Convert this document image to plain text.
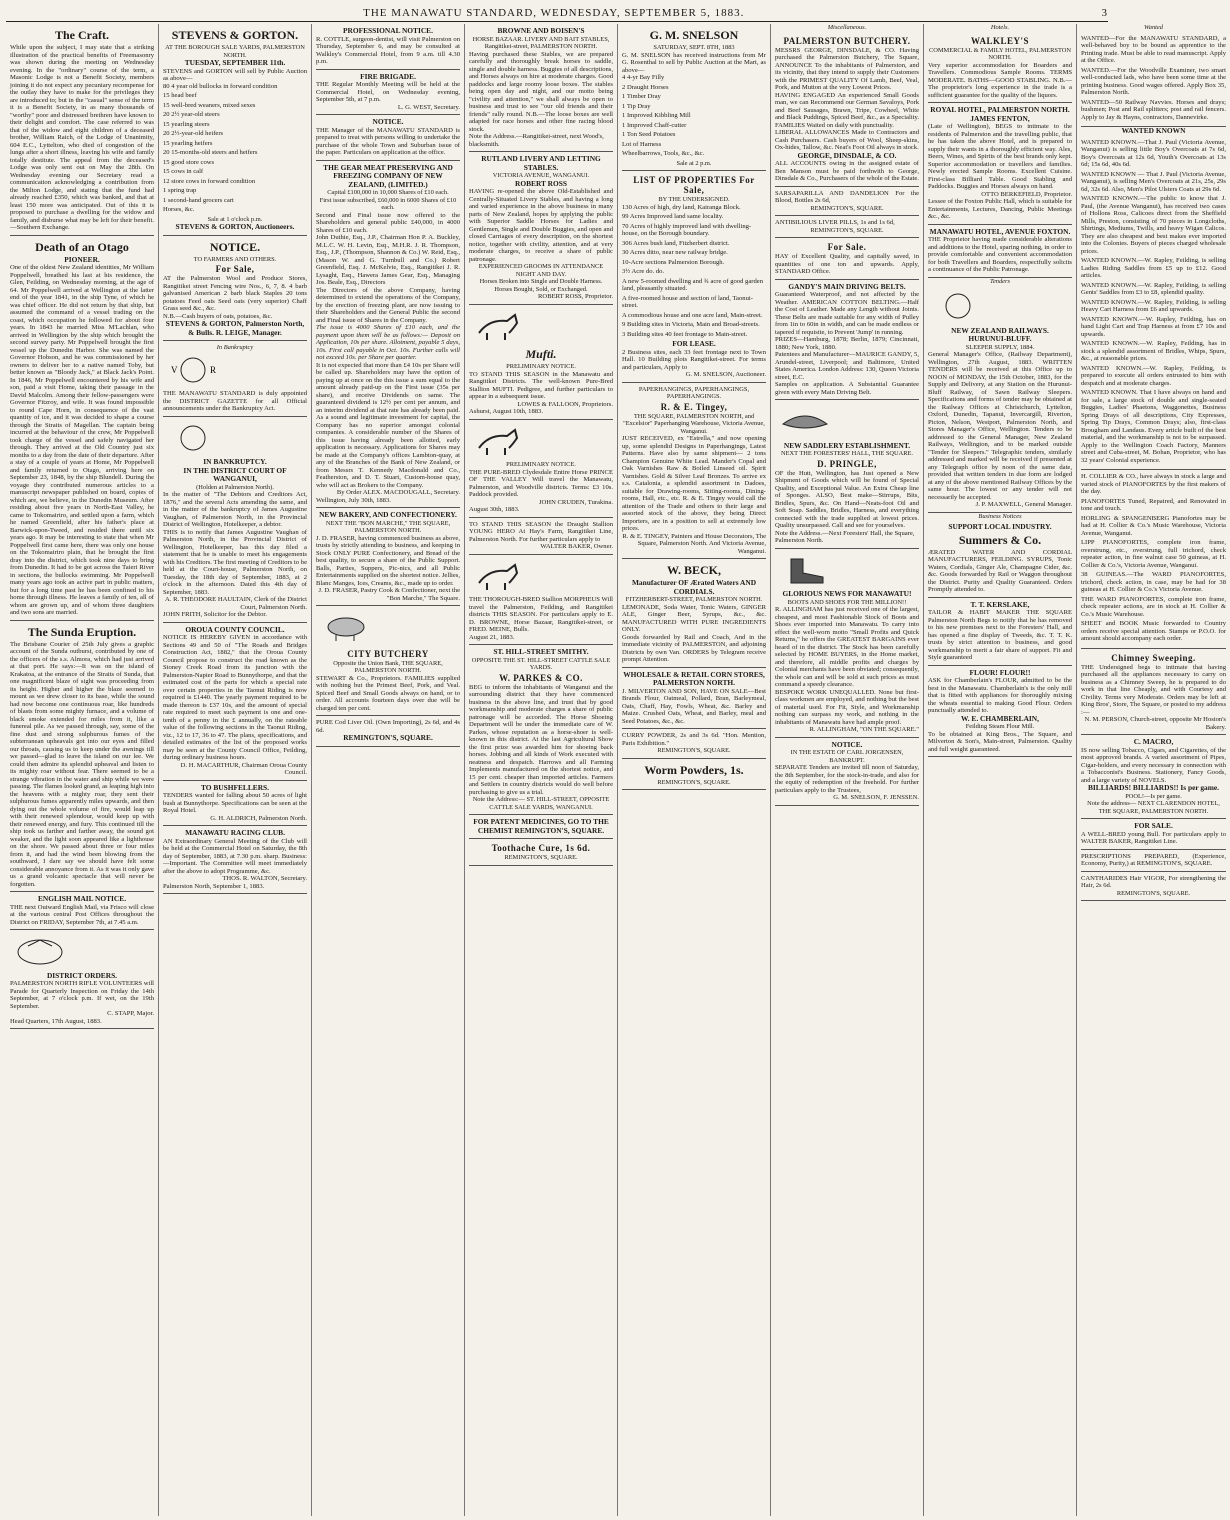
THE MANAWATU STANDARD, WEDNESDAY, SEPTEMBER 5, 1883.	3
The Craft.
While upon the subject, I may state that a striking illustration of the practical benefits of Freemasonry was shown during the meeting on Wednesday evening. In the "ordinary" course of the term, a Masonic Lodge is not a Benefit Society, members joining it do not expect any pecuniary recompense for the outlay they have to make for the privileges they are introduced to; but in the "casual" sense of the term it is a Benefit Society, in as many thousands of "worthy" poor and distressed brethren have known to their delight and comfort. The case referred to was that of the widow and eight children of a deceased brother, William Raich, of the Lodge of Unanimity, 604 E.C., Lyttelton, who died of congestion of the lungs after a short illness, leaving his wife and family totally destitute. The appeal from the deceased's Lodge was only sent out on May the 28th. On Wednesday evening our Secretary read a communication acknowledging a contribution from the Milton Lodge, and stating that the fund had already reached £350, which was banked, and that at least 150 more was anticipated. Out of this it is proposed to purchase a dwelling for the widow and family, and disburse what may be left for their benefit.—Southern Exchange.
Death of an Otago
PIONEER.
One of the oldest New Zealand identities, Mr William Poppelwell, breathed his last at his residence, the Glen, Feilding, on Wednesday morning, at the age of 64. Mr Poppelwell arrived at Wellington at the latter end of the year 1841, in the ship Tyne, of which he was chief officer. He did not return by that ship, but assumed the command of a vessel trading on the coast, which occupation he followed for about four years. In 1843 he married Miss M'Lachlan, who arrived in Wellington by the ship which brought the second survey party. Mr Poppelwell brought the first vessel up the Dunedin Harbor. She was named the Governor Hobson, and he was commissioned by her owners to deliver her to a native named Toby, but better known as "Bloody Jack," at Black Jack's Point. In 1846, Mr Poppelwell encountered by his wife and son, paid a visit Home, taking their passage in the David Malcolm. Among their fellow-passengers were Governor Fitzroy, and wife. It was found impossible to round Cape Horn, in consequence of the vast quantity of ice, and it was decided to shape a course through the Straits of Magellan. The captain being incurred at the behaviour of the crew, Mr Poppelwell took charge of the vessel and safely navigated her through. They arrived at the Old Country just six months to a day from the date of their departure. After a stay of a couple of years at Home, Mr Poppelwell and family returned to Otago, arriving here on September 23, 1848, by the ship Blundell. During the voyage they contributed numerous articles to a manuscript newspaper published on board, copies of which are, we believe, in the Dunedin Museum. After residing about five years in North-East Valley, he came to Tokomairiro, and settled upon a farm, which he named Greenfield, after his father's place at Barwick-upon-Tweed, and resided there until six years ago. It may be interesting to state that when Mr Poppelwell first came here, there was only one house on the Tokomairiro plain, that he brought the first dray into the district, which took nine days to bring from Dunedin. It had to be got across the Taieri River in sections, the bullocks swimming. Mr Poppelwell many years ago took an active part in public matters, but for a long time past he has been confined to his home through illness. He leaves a family of ten, all of whom are grown up, and of whom three daughters and two sons are married.
The Sunda Eruption.
The Brisbane Courier of 25th July gives a graphic account of the Sunda outburst, contributed by one of the officers of the s.s. Almora, which had just arrived at that port. He says:—It was on the island of Krakatoa, at the entrance of the Straits of Sunda, that one magnificent blaze of sight was proceeding from its height. Higher and higher the blaze seemed to mount as we drew closer to its base, while the sound had now become one continuous roar, like hundreds of blasts from some mighty furnace, and a volume of black smoke extended for miles from it, like a funereal pile. As we passed through, say, some of the fine dust and strong sulphurous fumes of the subterranean upheavals got into our eyes and filled our throats, causing us to keep under the awnings till we passed—glad to leave the island on our lee. We could then admire its splendid upheaval and listen to its mighty roar without fear. There seemed to be a strange vibration in the water and ship while we were passing. The flames looked grand, as leaping high into the heavens with a mighty roar, they sent their sulphurous fumes apparently miles upwards, and then dying out the whole volume of fire, would leap up with their renewed splendour, would keep up with their renewed energy, and fury. This continued till the ship took us farther and farther away, the sound got weaker, and the light soon appeared like a lighthouse on the shore. We passed about three or four miles from it, and had the wind been blowing from the southward, I dare say we should have felt some considerable annoyance from it. As it was it only gave us a grand volcanic spectacle that will never be forgotten.
ENGLISH MAIL NOTICE.
THE next Outward English Mail, via Frisco will close at the various central Post Offices throughout the District on FRIDAY, September 7th, at 7.45 a.m.
DISTRICT ORDERS.
PALMERSTON NORTH RIFLE VOLUNTEERS will Parade for Quarterly Inspection on Friday the 14th September, at 7 o'clock p.m. If wet, on the 19th September.
C. STAPP, Major.
Head Quarters, 17th August, 1883.
STEVENS & GORTON.
AT THE BOROUGH SALE YARDS, PALMERSTON NORTH.
TUESDAY, SEPTEMBER 11th.
STEVENS and GORTON will sell by Public Auction as above—
80 4 year old bullocks in forward condition
15 head beef
15 well-bred weaners, mixed sexes
20 2½ year-old steers
15 yearling steers
20 2½-year-old heifers
15 yearling heifers
20 15-months-old steers and heifers
15 good store cows
15 cows in calf
12 store cows in forward condition
1 spring trap
1 second-hand grocers cart
Horses, &c.
Sale at 1 o'clock p.m.
STEVENS & GORTON, Auctioneers.
NOTICE.
TO FARMERS AND OTHERS.
For Sale,
AT the Palmerston Wool and Produce Stores, Rangitikei street Fencing wire Nos., 6, 7, 8. 4 barb galvanised American 2 barb black Staples 20 tons potatoes Feed oats Seed oats (very superior) Chaff Grass seed &c., &c.
N.B.—Cash buyers of oats, potatoes, &c.
STEVENS & GORTON, Palmerston North, & Bulls. R. LEIGE, Manager.
In Bankruptcy
V	R
THE MANAWATU STANDARD is duly appointed the DISTRICT GAZETTE for all Official announcements under the Bankruptcy Act.
IN BANKRUPTCY.
IN THE DISTRICT COURT OF WANGANUI,
(Holden at Palmerston North).
In the matter of "The Debtors and Creditors Act, 1876," and the several Acts amending the same, and in the matter of the bankruptcy of James Augustine Vaughan, of Palmerston North, in the Provincial District of Wellington, Hotelkeeper, a debtor.
THIS is to notify that James Augustine Vaughan of Palmerston North, in the Provincial District of Wellington, Hotelkeeper, has this day filed a statement that he is unable to meet his engagements with his Creditors. The first meeting of Creditors to be held at the Court-house, Palmerston North, on Tuesday, the 18th day of September, 1883, at 2 o'clock in the afternoon. Dated this 4th day of September, 1883.
A. R. THEODORE HAULTAIN, Clerk of the District Court, Palmerston North.
JOHN FRITH, Solicitor for the Debtor.
OROUA COUNTY COUNCIL.
NOTICE IS HEREBY GIVEN in accordance with Sections 49 and 50 of "The Roads and Bridges Construction Act, 1882," that the Oroua County Council propose to construct the road known as the Stoney Creek Road from its junction with the Palmerston-Napier Road to Bunnythorpe, and that the estimated cost of the parts for which a special rate over certain properties in the Taonui Riding is now required is £1440. The yearly payment required to be made thereon is £37 10s, and the amount of special rate required to meet such payment is one and one-tenth of a penny in the £ annually, on the rateable value of the following sections in the Taonui Riding, viz., 12 to 17, 36 to 47. The plans, specifications, and detailed estimates of the list of the proposed works may be seen at the County Council Office, Feilding, during ordinary business hours.
D. H. MACARTHUR, Chairman Oroua County Council.
TO BUSHFELLERS.
TENDERS wanted for falling about 50 acres of light bush at Bunnythorpe. Specifications can be seen at the Royal Hotel.
G. H. ALDRICH, Palmerston North.
MANAWATU RACING CLUB.
AN Extraordinary General Meeting of the Club will be held at the Commercial Hotel on Saturday, the 8th day of September, 1883, at 7.30 p.m. sharp. Business:—Important. The Committee will meet immediately after the above to adopt Programme, &c.
THOS. R. WALTON, Secretary.
Palmerston North, September 1, 1883.
PROFESSIONAL NOTICE.
R. COTTLE, surgeon-dentist, will visit Palmerston on Thursday, September 6, and may be consulted at Walkley's Commercial Hotel, from 9 a.m. till 4.30 p.m.
FIRE BRIGADE.
THE Regular Monthly Meeting will be held at the Commercial Hotel, on Wednesday evening, September 5th, at 7 p.m.
L. G. WEST, Secretary.
NOTICE.
THE Manager of the MANAWATU STANDARD is prepared to treat with persons willing to undertake the purchase of the whole Town and Suburban issue of the paper. Particulars on application at the office.
THE GEAR MEAT PRESERVING AND FREEZING COMPANY OF NEW ZEALAND, (LIMITED.)
Capital £100,000 in 10,000 Shares of £10 each.
First issue subscribed, £60,000 in 6000 Shares of £10 each.
Second and Final issue now offered to the Shareholders and general public £40,000, in 4000 Shares of £10 each.
John Duthie, Esq., J.P., Chairman Hon P. A. Buckley, M.L.C. W. H. Levin, Esq., M.H.R. J. R. Thompson, Esq., J.P., (Thompson, Shannon & Co.) W. Reid, Esq., (Mason W. and G. Turnbull and Co.) Robert Greenfield, Esq. J. McKelvie, Esq., Rangitikei J. R. Lysaght, Esq., Hawera James Gear, Esq., Managing Jos. Beale, Esq., Directors
The Directors of the above Company, having determined to extend the operations of the Company, by the erection of freezing plant, are now issuing to their Shareholders and the General Public the second and Final issue of Shares in the Company.
The issue is 4000 Shares of £10 each, and the payment upon them will be as follows:— Deposit on Application, 10s per share. Allotment, payable 5 days, 10s. First call payable in Oct. 10s. Further calls will not exceed 10s. per Share per quarter.
It is not expected that more than £4 10s per Share will be called up. Shareholders may have the option of paying up at once on the this issue a sum equal to the amount already paid-up on the First issue (35s per share), and receive Dividends on same. The guaranteed dividend is 12½ per cent per annum, and an interim dividend at that rate has already been paid. As a sound and legitimate investment for capital, the Company has no superior amongst colonial companies. A considerable number of the Shares of this issue having already been allotted, early application is necessary. Applications for Shares may be made at the Company's offices Lambton-quay, at any of the Branches of the Bank of New Zealand, or from Messrs T. Kennedy Macdonald and Co., Featherston, and D. T. Stuart, Custom-house quay, who will act as Brokers to the Company.
By Order ALEX. MACDOUGALL, Secretary.
Wellington, July 30th, 1883.
NEW BAKERY, AND CONFECTIONERY.
NEXT THE "BON MARCHE," THE SQUARE, PALMERSTON NORTH.
J. D. FRASER, having commenced business as above, trusts by strictly attending to business, and keeping in Stock ONLY PURE Confectionery, and Bread of the best quality, to secure a share of the Public Support. Balls, Parties, Suppers, Pic-nics, and all Public Entertainments supplied on the shortest notice. Jellies, Blanc Manges, Ices, Creams, &c., made up to order.
J. D. FRASER, Pastry Cook & Confectioner, next the "Bon Marche," The Square.
CITY BUTCHERY
Opposite the Union Bank, THE SQUARE, PALMERSTON NORTH.
STEWART & Co., Proprietors. FAMILIES supplied with nothing but the Primest Beef, Pork, and Veal. Spiced Beef and Small Goods always on hand, or to order. All accounts fourteen days over due will be charged ten per cent.
PURE Cod Liver Oil. (Own Importing), 2s 6d, and 4s 6d.
REMINGTON'S, SQUARE.
BROWNE AND BOISEN'S
HORSE BAZAAR. LIVERY AND BAIT STABLES, Rangitikei-street, PALMERSTON NORTH.
Having purchased these Stables, we are prepared carefully and thoroughly break horses to saddle, single and double harness. Buggies of all descriptions, and Horses always on hire at moderate charges. Good paddocks and large roomy loose boxes. The stables being open day and night, and our motto being "civility and attention," we shall always be open to business and trust to see "our old friends and their friends" rally round. N.B.—The loose boxes are well adapted for race horses and other fine racing blood stock.
Note the Address.—Rangitikei-street, next Wood's, blacksmith.
RUTLAND LIVERY AND LETTING STABLES.
VICTORIA AVENUE, WANGANUI.
ROBERT ROSS
HAVING re-opened the above Old-Established and Centrally-Situated Livery Stables, and having a long and varied experience in the above business in many parts of New Zealand, hopes by applying the public with Superior Saddle Horses for Ladies and Gentlemen, Single and Double Buggies, and open and closed Carriages of every description, on the shortest notice, together with civility, attention, and at very moderate charges, to receive a share of public patronage.
EXPERIENCED GROOMS IN ATTENDANCE NIGHT AND DAY.
Horses Broken into Single and Double Harness.
Horses Bought, Sold, or Exchanged.
ROBERT ROSS, Proprietor.
Mufti.
PRELIMINARY NOTICE.
TO STAND THIS SEASON in the Manawatu and Rangitikei Districts. The well-known Pure-Bred Stallion MUFTI. Pedigree, and further particulars to appear in a subsequent issue.
LOWES & FALLOON, Proprietors.
Ashurst, August 10th, 1883.
PRELIMINARY NOTICE.
THE PURE-BRED Clydesdale Entire Horse PRINCE OF THE VALLEY Will travel the Manawatu, Palmerston, and Woodville districts. Terms: £3 10s. Paddock provided.
JOHN CRUDEN, Turakina.
August 30th, 1883.
TO STAND THIS SEASON the Draught Stallion YOUNG HERO At Hay's Farm, Rangitikei Line, Palmerston North. For further particulars apply to
WALTER BAKER, Owner.
THE THOROUGH-BRED Stallion MORPHEUS Will travel the Palmerston, Feilding, and Rangitikei districts THIS SEASON. For particulars apply to E. D. BROWNE, Horse Bazaar, Rangitikei-street, or FRED. MEINE, Bulls.
August 21, 1883.
ST. HILL-STREET SMITHY.
OPPOSITE THE ST. HILL-STREET CATTLE SALE YARDS.
W. PARKES & CO.
BEG to inform the inhabitants of Wanganui and the surrounding district that they have commenced business in the above line, and trust that by good workmanship and moderate charges a share of public patronage will be accorded. The Horse Shoeing Department will be under the immediate care of W. Parkes, whose reputation as a horse-shoer is well-known in this district. At the last Agricultural Show the first prize was awarded him for shoeing back horses. Jobbing and all kinds of Work executed with neatness and despatch. Harrows and all Farming Implements manufactured on the shortest notice, and 15 per cent. cheaper than imported articles. Farmers and Settlers in country districts would do well before purchasing to give us a trial.
Note the Address:— ST. HILL-STREET, OPPOSITE CATTLE SALE YARDS, WANGANUI.
FOR PATENT MEDICINES, GO TO THE CHEMIST REMINGTON'S, SQUARE.
Toothache Cure, 1s 6d.
REMINGTON'S, SQUARE.
G. M. SNELSON
SATURDAY, SEPT. 8TH, 1883
G. M. SNELSON has received instructions from Mr G. Rosenthal to sell by Public Auction at the Mart, as above—
4 4-yr Bay Filly
2 Draught Horses
1 Timber Dray
1 Tip Dray
1 Improved Kibbling Mill
1 Improved Chaff-cutter
1 Ton Seed Potatoes
Lot of Harness
Wheelbarrows, Tools, &c., &c.
Sale at 2 p.m.
LIST OF PROPERTIES For Sale,
BY THE UNDERSIGNED.
130 Acres of high, dry land, Kairanga Block.
99 Acres Improved land same locality.
70 Acres of highly improved land with dwelling-house, on the Borough boundary.
306 Acres bush land, Fitzherbert district.
30 Acres ditto, near new railway bridge.
10-Acre sections Palmerston Borough.
3½ Acre do. do.
A new 5-roomed dwelling and ¾ acre of good garden land, pleasantly situated.
A five-roomed house and section of land, Taonui-street.
A commodious house and one acre land, Main-street.
9 Building sites in Victoria, Main and Broad-streets.
3 Building sites 40 feet frontage to Main-street.
FOR LEASE.
2 Business sites, each 33 feet frontage next to Town Hall. 10 Building plots Rangitikei-street. For terms and particulars, Apply to
G. M. SNELSON, Auctioneer.
PAPERHANGINGS, PAPERHANGINGS, PAPERHANGINGS.
R. & E. Tingey,
THE SQUARE, PALMERSTON NORTH, and "Excelsior" Paperhanging Warehouse, Victoria Avenue, Wanganui.
JUST RECEIVED, ex "Estrella," and now opening up, some splendid Designs in Paperhangings, Latest Patterns. Have also by same shipment— 2 tons Champion Genuine White Lead. Mander's Copal and Oak Varnishes Raw & Boiled Linseed oil. Spirit Varnishes. Gold & Silver Leaf Bronzes. To arrive ex s.s. Catalonia, a splendid assortment in Dadoes, suitable for Drawing-rooms, Sitting-rooms, Dining-rooms, Hall, etc., etc. R. & E. Tingey would call the attention of the Trade and others to their large and assorted stock of the above, they being Direct Importers, are in a position to sell at extremely low prices.
R. & E. TINGEY, Painters and House Decorators, The Square, Palmerston North. And Victoria Avenue, Wanganui.
W. BECK,
Manufacturer OF Ærated Waters AND CORDIALS.
FITZHERBERT-STREET, PALMERSTON NORTH.
LEMONADE, Soda Water, Tonic Waters, GINGER ALE, Ginger Beer, Syrups, &c., &c. MANUFACTURED WITH PURE INGREDIENTS ONLY.
Goods forwarded by Rail and Coach, And in the immediate vicinity of PALMERSTON, and adjoining Districts by own Van. ORDERS by Telegram receive prompt Attention.
WHOLESALE & RETAIL CORN STORES, PALMERSTON NORTH.
J. MILVERTON AND SON, HAVE ON SALE—Best Brands Flour, Oatmeal, Pollard, Bran, Barleymeal, Oats, Chaff, Hay, Fowls, Wheat, &c. Barley and Maize. Crushed Oats, Wheat, and Barley, meal and Seed Potatoes, &c., &c.
CURRY POWDER, 2s and 3s 6d. "Hon. Mention, Paris Exhibition."
REMINGTON'S, SQUARE.
Worm Powders, 1s.
REMINGTON'S, SQUARE.
Miscellaneous.
PALMERSTON BUTCHERY.
MESSRS GEORGE, DINSDALE, & CO. Having purchased the Palmerston Butchery, The Square, ANNOUNCE To the inhabitants of Palmerston, and its vicinity, that they intend to supply their Customers with the PRIMEST QUALITY Of Lamb, Beef, Veal, Pork, and Mutton at the very Lowest Prices.
HAVING ENGAGED An experienced Small Goods man, we can Recommend our German Savaloys, Pork and Beef Sausages, Brawn, Tripe, Cowheel, White and Black Puddings, Spiced Beef, &c., as a Speciality. FAMILIES Waited on daily with punctuality.
LIBERAL ALLOWANCES Made to Contractors and Cash Purchasers. Cash buyers of Wool, Sheep-skins, Ox-hides, Tallow, &c. Neat's Foot Oil always in stock.
GEORGE, DINSDALE, & CO.
ALL ACCOUNTS owing in the assigned estate of Ben Manson must be paid forthwith to George, Dinsdale & Co., Purchasers of the whole of the Estate.
SARSAPARILLA AND DANDELION For the Blood, Bottles 2s 6d,
REMINGTON'S, SQUARE.
ANTIBILIOUS LIVER PILLS, 1s and 1s 6d,
REMINGTON'S, SQUARE.
For Sale.
HAY of Excellent Quality, and capitally saved, in quantities of one ton and upwards. Apply, STANDARD Office.
GANDY'S MAIN DRIVING BELTS.
Guaranteed Waterproof, and not affected by the Weather. AMERICAN COTTON BELTING.—Half the Cost of Leather. Made any Length without Joints. These Belts are made suitable for any width of Pulley from 1in to 60in in width, and can be made endless or tapered if requisite, to Prevent 'Jump' in running.
PRIZES—Hamburg, 1878; Berlin, 1879; Cincinnati, 1880; New York, 1880.
Patentees and Manufacturer—MAURICE GANDY, 5, Arundel-street, Liverpool; and Baltimore, United States America. London Address: 130, Queen Victoria street, E.C.
Samples on application. A Substantial Guarantee given with every Main Driving Belt.
NEW SADDLERY ESTABLISHMENT.
NEXT THE FORESTERS' HALL, THE SQUARE.
D. PRINGLE,
OF the Hutt, Wellington, has Just opened a New Shipment of Goods which will be found of Special Quality, and Exceptional Value. An Extra Cheap line of Sponges. ALSO, Best make—Stirrups, Bits, Bridles, Spurs, &c. On Hand—Neats-foot Oil and Soft Soap. Saddles, Bridles, Harness, and everything connected with the trade supplied at lowest prices. Quality unsurpassed. Call and see for yourselves.
Note the Address.—Next Foresters' Hall, the Square, Palmerston North.
GLORIOUS NEWS FOR MANAWATU!
BOOTS AND SHOES FOR THE MILLION!!
R. ALLINGHAM has just received one of the largest, cheapest, and most Fashionable Stock of Boots and Shoes ever imported into Manawatu. To carry into effect the well-worn motto "Small Profits and Quick Returns," he offers the GREATEST BARGAINS ever heard of in the district. The Stock has been carefully selected by HOME BUYERS, in the Home market, and therefore, all middle profits and charges by Colonial merchants have been obviated; consequently, the whole can and will be sold at such prices as must command a speedy clearance.
BESPOKE WORK UNEQUALLED. None but first-class workmen are employed, and nothing but the best of material used. For Fit, Style, and Workmanship nothing can surpass my work, and nothing in the inhabitants of Manawatu have had ample proof.
R. ALLINGHAM, "ON THE SQUARE."
NOTICE.
IN THE ESTATE OF CARL JORGENSEN, BANKRUPT.
SEPARATE Tenders are invited till noon of Saturday, the 8th September, for the stock-in-trade, and also for the equity of redemption of the freehold. For further particulars apply to the Trustees,
G. M. SNELSON, F. JENSSEN.
Hotels.
WALKLEY'S
COMMERCIAL & FAMILY HOTEL, PALMERSTON NORTH.
Very superior accommodation for Boarders and Travellers. Commodious Sample Rooms. TERMS MODERATE. BATHS—GOOD STABLING. N.B.—The proprietor's long experience in the trade is a sufficient guarantee for the quality of the liquors.
ROYAL HOTEL, PALMERSTON NORTH.
JAMES FENTON,
(Late of Wellington), BEGS to intimate to the residents of Palmerston and the travelling public, that he has taken the above Hotel, and is prepared to supply their wants in a thoroughly efficient way. Ales, Beers, Wines, and Spirits of the best brands only kept. Superior accommodation or travellers and families. Newly erected Sample Rooms. Excellent Cuisine. First-class Billiard Table. Good Stabling and Paddocks. Buggies and Horses always on hand.
OTTO BERKEFIELD, Proprietor.
Lessee of the Foxton Public Hall, which is suitable for Entertainments, Lectures, Dancing, Public Meetings &c., &c.
MANAWATU HOTEL, AVENUE FOXTON.
THE Proprietor having made considerable alterations and additions to the Hotel, sparing nothing, in order to provide comfortable and convenient accommodation for both Travellers and Boarders, respectfully solicits a continuance of the Public Patronage.
Tenders
NEW ZEALAND RAILWAYS.
HURUNUI-BLUFF.
SLEEPER SUPPLY, 1884.
General Manager's Office, (Railway Department), Wellington, 27th August, 1883. WRITTEN TENDERS will be received at this Office up to NOON of MONDAY, the 15th October, 1883, for the Supply and Delivery, at any Station on the Hurunui-Bluff Railway, of Sawn Railway Sleepers. Specifications and forms of tender may be obtained at the Railway Offices at Christchurch, Lyttelton, Oxford, Dunedin, Tapanui, Invercargill, Riverton, Picton, Nelson, Westport, Palmerston North, and Stores Manager's Office, Wellington. Tenders to be addressed to the General Manager, New Zealand Railways, Wellington, and to be marked outside "Tender for Sleepers." Telegraphic tenders, similarly addressed and marked will be received if presented at any Telegraph office by noon of the same date, provided that written tenders in due form are lodged at any of the above mentioned Railway Offices by the same hour. The lowest or any tender will not necessarily be accepted.
J. P. MAXWELL, General Manager.
Business Notices
SUPPORT LOCAL INDUSTRY.
Summers & Co.
ÆRATED WATER AND CORDIAL MANUFACTURERS, FEILDING. SYRUPS, Tonic Waters, Cordials, Ginger Ale, Champagne Cider, &c. &c. Goods forwarded by Rail or Waggon throughout the District. Purity and Quality Guaranteed. Orders Promptly attended to.
T. T. KERSLAKE,
TAILOR & HABIT MAKER THE SQUARE Palmerston North Begs to notify that he has removed to his new premises next to the Foresters' Hall, and has opened a fine display of Tweeds, &c. T. T. K. trusts by strict attention to business, and good workmanship to merit a fair share of support. Fit and Style guaranteed
FLOUR! FLOUR!!
ASK for Chamberlain's FLOUR, admitted to be the best in the Manawatu. Chamberlain's is the only mill that is fitted with appliances for thoroughly mixing the wheats essential to making Good Flour. Orders punctually attended to.
W. E. CHAMBERLAIN,
Feilding Steam Flour Mill.
To be obtained at King Bros., The Square, and Milverton & Son's, Main-street, Palmerston. Quality and full weight guaranteed.
Wanted
WANTED—For the MANAWATU STANDARD, a well-behaved boy to be bound as apprentice to the Printing trade. Must be able to read manuscript. Apply at the Office.
WANTED.—For the Woodville Examiner, two smart well-conducted lads, who have been some time at the printing business. Good wages offered. Apply Box 35, Palmerston North.
WANTED—50 Railway Navvies. Horses and drays; bushmen; Post and Rail splitters; post and rail fencers. Apply to Jay & Hayns, contractors, Dannevirke.
WANTED KNOWN
WANTED KNOWN.—That J. Paul (Victoria Avenue, Wanganui) is selling little Boy's Overcoats at 7s 6d, Boy's Overcoats at 12s 6d, Youth's Overcoats at 13s 6d; 15s 6d, 40s 6d.
WANTED KNOWN — That J. Paul (Victoria Avenue, Wanganui), is selling Men's Overcoats at 21s, 25s, 29s 6d, 32s 6d. Also, Men's Pilot Ulsters Coats at 29s 6d.
WANTED KNOWN.—The public to know that J. Paul, (the Avenue Wanganui), has received two cases of Hollons Ross, Calicoes direct from the Sheffield Mills, Preston, consisting of 70 pieces in Longcloths, Shirtings, Mediums, Twills, and heavy Wigan Calicos. They are also cheapest and best makes ever imported into the Colonies. Buyers of pieces charged wholesale prices.
WANTED KNOWN.—W. Rapley, Feilding, is selling Ladies Riding Saddles from £5 up to £12. Good articles.
WANTED KNOWN.—W. Rapley, Feilding, is selling Gents' Saddles from £3 to £8, splendid quality.
WANTED KNOWN.—W. Rapley, Feilding, is selling Heavy Cart Harness from £6 and upwards.
WANTED KNOWN.—W. Rapley, Feilding, has on hand Light Cart and Trap Harness at from £7 10s and upwards.
WANTED KNOWN.—W. Rapley, Feilding, has in stock a splendid assortment of Bridles, Whips, Spurs, &c., at reasonable prices.
WANTED KNOWN.—W. Rapley, Feilding, is prepared to execute all orders entrusted to him with despatch and at moderate charges.
WANTED KNOWN. That I have always on hand and for sale, a large stock of double and single-seated Buggies, Ladies' Phaetons, Waggonettes, Business Spring Drays of all descriptions, City Expresses, Spring Tip Drays, Common Drays; also, first-class Brougham and Landaus. Every article built of the best material, and the workmanship is not to be surpassed. Apply to the Wellington Coach Factory, Manners street and Cuba-street, M. Bohan, Proprietor, who has 32 years' Colonial experience.
H. COLLIER & CO., have always in stock a large and varied stock of PIANOFORTES by the first makers of the day.
PIANOFORTES Tuned, Repaired, and Renovated in tone and touch.
HORLING & SPANGENBERG Pianofortes may be had at H. Collier & Co.'s Music Warehouse, Victoria Avenue, Wanganui.
LIPP PIANOFORTES, complete iron frame, overstrung, etc., overstrung, full trichord, check repeater action, in fine walnut case 50 guineas, at H. Collier & Co.'s, Victoria Avenue, Wanganui.
38 GUINEAS.—The WARD PIANOFORTES, trichord, check action, in case, may be had for 38 guineas at H. Collier & Co.'s Victoria Avenue.
THE WARD PIANOFORTES, complete iron frame, check repeater actions, are in stock at H. Collier & Co.'s Music Warehouse.
SHEET and BOOK Music forwarded to Country orders receive special attention. Stamps or P.O.O. for amount should accompany each order.
Chimney Sweeping.
THE Undersigned begs to intimate that having purchased all the appliances necessary to carry on business as a Chimney Sweep, he is prepared to do work in that line Cheaply, and with Courtesy and Civility. Terms very Moderate. Orders may be left at King Bros', Store, The Square, or posted to my address :—
N. M. PERSON, Church-street, opposite Mr Hoston's Bakery.
C. MACRO,
IS now selling Tobacco, Cigars, and Cigarettes, of the most approved brands. A varied assortment of Pipes, Cigar-holders, and every necessary in connection with a Tobacconist's Business. Stationery, Fancy Goods, and a large variety of NOVELS.
BILLIARDS! BILLIARDS!! Is per game.
POOL!—Is per game.
Note the address— NEXT CLARENDON HOTEL, THE SQUARE, PALMERSTON NORTH.
FOR SALE.
A WELL-BRED young Bull. For particulars apply to WALTER BAKER, Rangitikei Line.
PRESCRIPTIONS PREPARED, (Experience, Economy, Purity,) at REMINGTON'S, SQUARE.
CANTHARIDES Hair VIGOR, For strengthening the Hair, 2s 6d.
REMINGTON'S, SQUARE.
